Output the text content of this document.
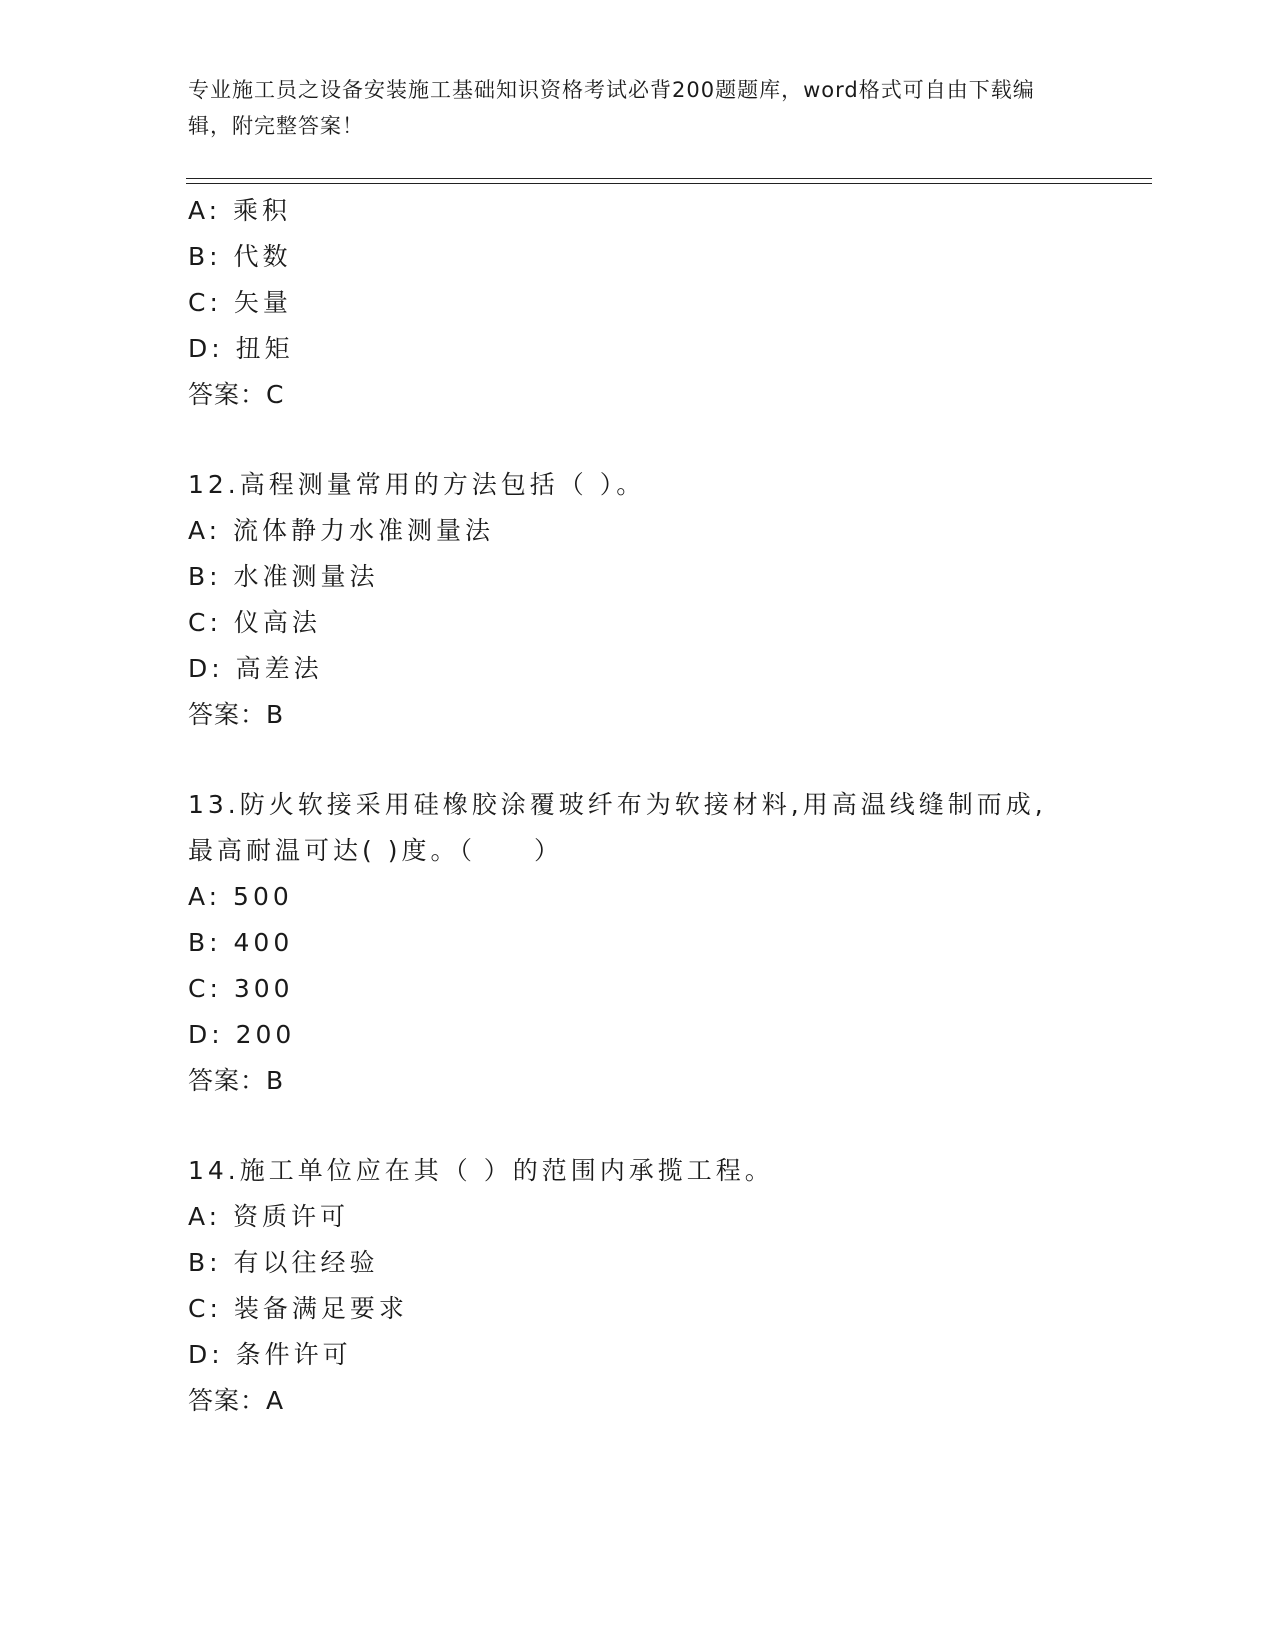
专业施工员之设备安装施工基础知识资格考试必背200题题库，word格式可自由下载编辑，附完整答案！
A: 乘积
B: 代数
C: 矢量
D: 扭矩
答案：C
12.高程测量常用的方法包括（ ）。
A: 流体静力水准测量法
B: 水准测量法
C: 仪高法
D: 高差法
答案：B
13.防火软接采用硅橡胶涂覆玻纤布为软接材料,用高温线缝制而成,最高耐温可达( )度。（　　）
A: 500
B: 400
C: 300
D: 200
答案：B
14.施工单位应在其（ ）的范围内承揽工程。
A: 资质许可
B: 有以往经验
C: 装备满足要求
D: 条件许可
答案：A
